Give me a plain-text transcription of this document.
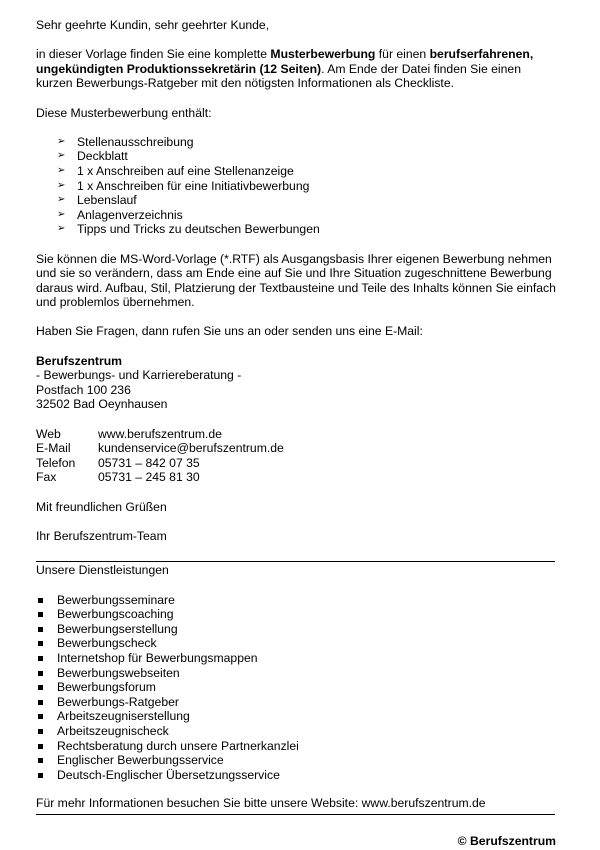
Sehr geehrte Kundin, sehr geehrter Kunde,

in dieser Vorlage finden Sie eine komplette Musterbewerbung für einen berufserfahrenen, ungekündigten Produktionssekretärin (12 Seiten). Am Ende der Datei finden Sie einen kurzen Bewerbungs-Ratgeber mit den nötigsten Informationen als Checkliste.

Diese Musterbewerbung enthält:

➢ Stellenausschreibung
➢ Deckblatt
➢ 1 x Anschreiben auf eine Stellenanzeige
➢ 1 x Anschreiben für eine Initiativbewerbung
➢ Lebenslauf
➢ Anlagenverzeichnis
➢ Tipps und Tricks zu deutschen Bewerbungen

Sie können die MS-Word-Vorlage (*.RTF) als Ausgangsbasis Ihrer eigenen Bewerbung nehmen und sie so verändern, dass am Ende eine auf Sie und Ihre Situation zugeschnittene Bewerbung daraus wird. Aufbau, Stil, Platzierung der Textbausteine und Teile des Inhalts können Sie einfach und problemlos übernehmen.

Haben Sie Fragen, dann rufen Sie uns an oder senden uns eine E-Mail:

Berufszentrum

- Bewerbungs- und Karriereberatung -

Postfach 100 236

32502 Bad Oeynhausen

Web	www.berufszentrum.de
E-Mail	kundenservice@berufszentrum.de
Telefon	05731 – 842 07 35
Fax	05731 – 245 81 30

Mit freundlichen Grüßen

Ihr Berufszentrum-Team

Unsere Dienstleistungen

Bewerbungsseminare
Bewerbungscoaching
Bewerbungserstellung
Bewerbungscheck
Internetshop für Bewerbungsmappen
Bewerbungswebseiten
Bewerbungsforum
Bewerbungs-Ratgeber
Arbeitszeugniserstellung
Arbeitszeugnischeck
Rechtsberatung durch unsere Partnerkanzlei
Englischer Bewerbungsservice
Deutsch-Englischer Übersetzungsservice

Für mehr Informationen besuchen Sie bitte unsere Website: www.berufszentrum.de

© Berufszentrum
